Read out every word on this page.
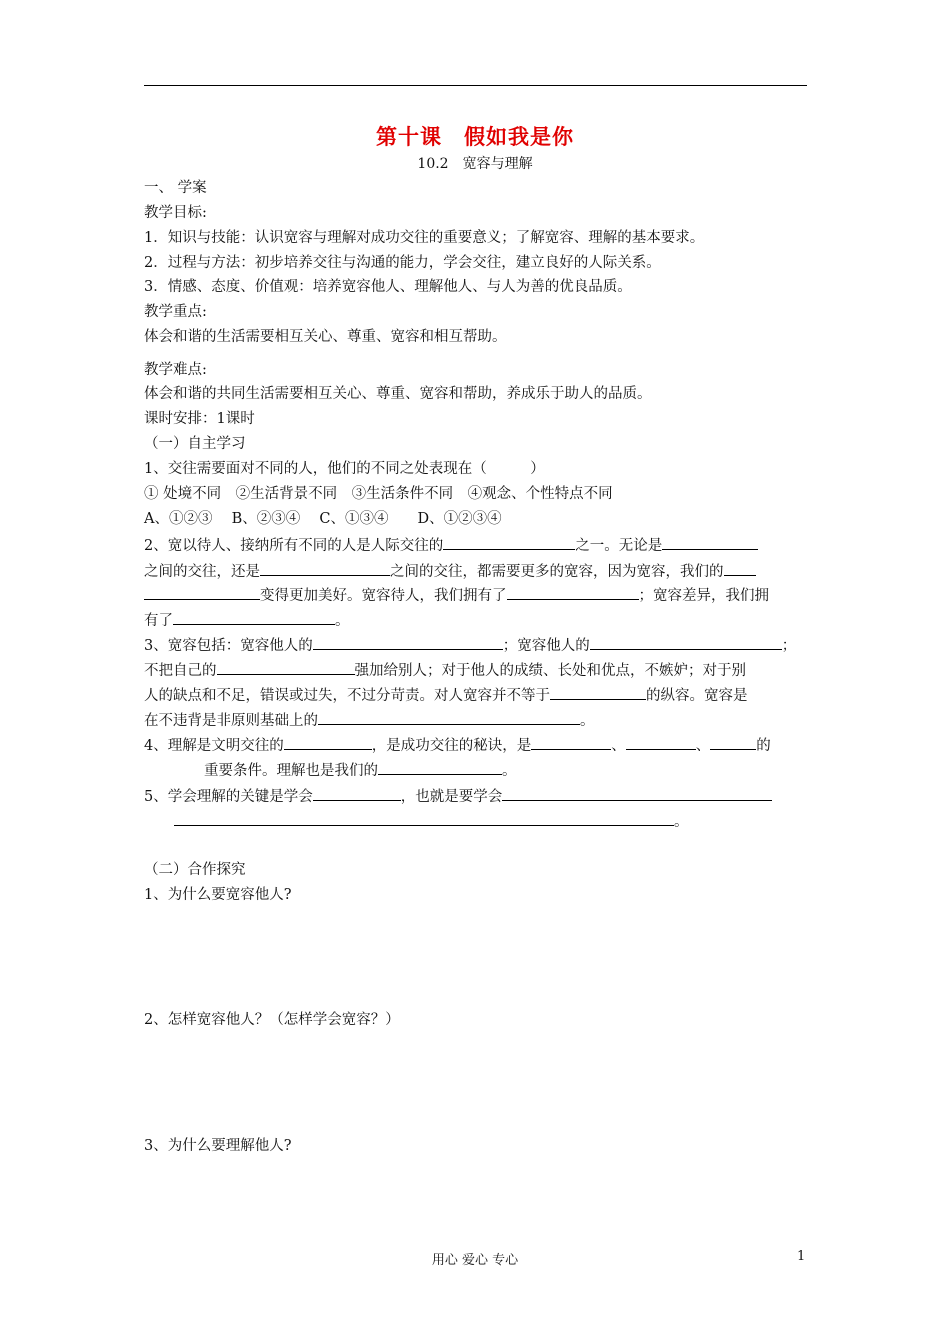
第十课　假如我是你
10.2　宽容与理解
一、 学案
教学目标:
1．知识与技能：认识宽容与理解对成功交往的重要意义；了解宽容、理解的基本要求。
2．过程与方法：初步培养交往与沟通的能力，学会交往，建立良好的人际关系。
3．情感、态度、价值观：培养宽容他人、理解他人、与人为善的优良品质。
教学重点:
体会和谐的生活需要相互关心、尊重、宽容和相互帮助。
教学难点:
体会和谐的共同生活需要相互关心、尊重、宽容和帮助，养成乐于助人的品质。
课时安排：1课时
（一）自主学习
1、交往需要面对不同的人，他们的不同之处表现在（　　　）
① 处境不同　②生活背景不同　③生活条件不同　④观念、个性特点不同
A、①②③　 B、②③④　 C、①③④　　D、①②③④
2、宽以待人、接纳所有不同的人是人际交往的	之一。无论是
之间的交往，还是	之间的交往，都需要更多的宽容，因为宽容，我们的
变得更加美好。宽容待人，我们拥有了	；宽容差异，我们拥
有了	。
3、宽容包括：宽容他人的	；宽容他人的	；
不把自己的	强加给别人；对于他人的成绩、长处和优点，不嫉妒；对于别
人的缺点和不足，错误或过失，不过分苛责。对人宽容并不等于	的纵容。宽容是
在不违背是非原则基础上的	。
4、理解是文明交往的	，是成功交往的秘诀，是	、	、	的
重要条件。理解也是我们的	。
5、学会理解的关键是学会	，也就是要学会
。
（二）合作探究
1、为什么要宽容他人?
2、怎样宽容他人？（怎样学会宽容？）
3、为什么要理解他人?
用心 爱心 专心	1
